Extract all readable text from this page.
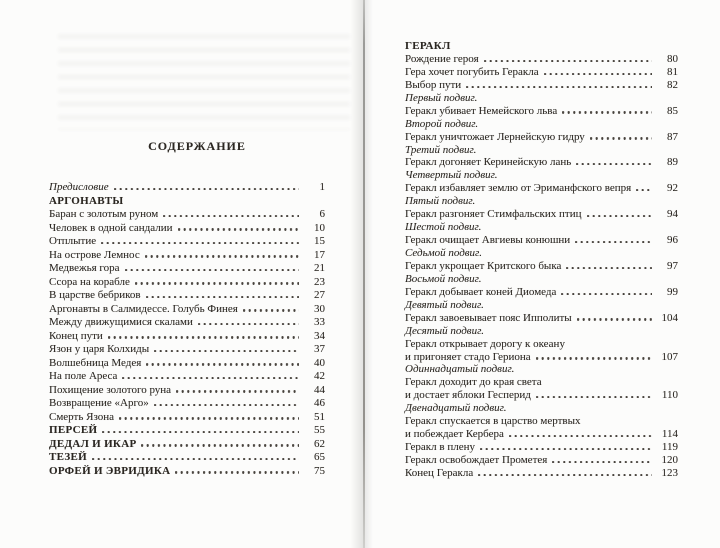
СОДЕРЖАНИЕ
Предисловие	1
АРГОНАВТЫ
Баран с золотым руном	6
Человек в одной сандалии	10
Отплытие	15
На острове Лемнос	17
Медвежья гора	21
Ссора на корабле	23
В царстве бебриков	27
Аргонавты в Салмидессе. Голубь Финея	30
Между движущимися скалами	33
Конец пути	34
Язон у царя Колхиды	37
Волшебница Медея	40
На поле Ареса	42
Похищение золотого руна	44
Возвращение «Арго»	46
Смерть Язона	51
ПЕРСЕЙ	55
ДЕДАЛ И ИКАР	62
ТЕЗЕЙ	65
ОРФЕЙ И ЭВРИДИКА	75
ГЕРАКЛ
Рождение героя	80
Гера хочет погубить Геракла	81
Выбор пути	82
Первый подвиг.
Геракл убивает Немейского льва	85
Второй подвиг.
Геракл уничтожает Лернейскую гидру	87
Третий подвиг.
Геракл догоняет Керинейскую лань	89
Четвертый подвиг.
Геракл избавляет землю от Эриманфского вепря	92
Пятый подвиг.
Геракл разгоняет Стимфальских птиц	94
Шестой подвиг.
Геракл очищает Авгиевы конюшни	96
Седьмой подвиг.
Геракл укрощает Критского быка	97
Восьмой подвиг.
Геракл добывает коней Диомеда	99
Девятый подвиг.
Геракл завоевывает пояс Ипполиты	104
Десятый подвиг.
Геракл открывает дорогу к океану
и пригоняет стадо Гериона	107
Одиннадцатый подвиг.
Геракл доходит до края света
и достает яблоки Гесперид	110
Двенадцатый подвиг.
Геракл спускается в царство мертвых
и побеждает Кербера	114
Геракл в плену	119
Геракл освобождает Прометея	120
Конец Геракла	123
